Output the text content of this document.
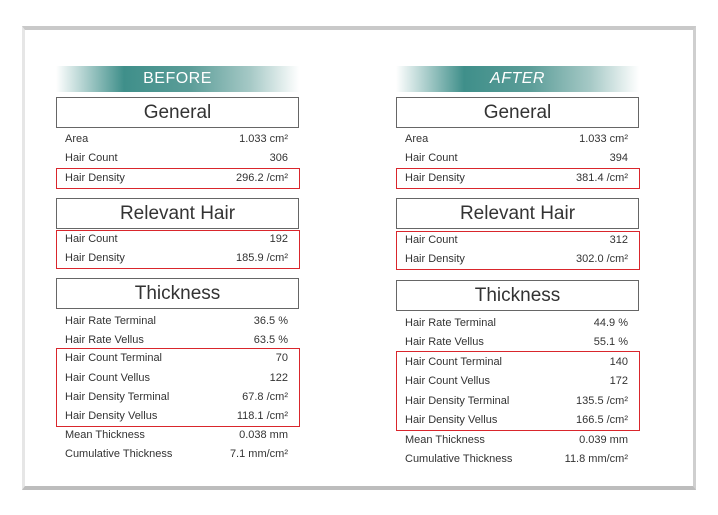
BEFORE
General
Area	1.033 cm²
Hair Count	306
Hair Density	296.2 /cm²
Relevant Hair
Hair Count	192
Hair Density	185.9 /cm²
Thickness
Hair Rate Terminal	36.5 %
Hair Rate Vellus	63.5 %
Hair Count Terminal	70
Hair Count Vellus	122
Hair Density Terminal	67.8 /cm²
Hair Density Vellus	118.1 /cm²
Mean Thickness	0.038 mm
Cumulative Thickness	7.1 mm/cm²
AFTER
General
Area	1.033 cm²
Hair Count	394
Hair Density	381.4 /cm²
Relevant Hair
Hair Count	312
Hair Density	302.0 /cm²
Thickness
Hair Rate Terminal	44.9 %
Hair Rate Vellus	55.1 %
Hair Count Terminal	140
Hair Count Vellus	172
Hair Density Terminal	135.5 /cm²
Hair Density Vellus	166.5 /cm²
Mean Thickness	0.039 mm
Cumulative Thickness	11.8 mm/cm²
